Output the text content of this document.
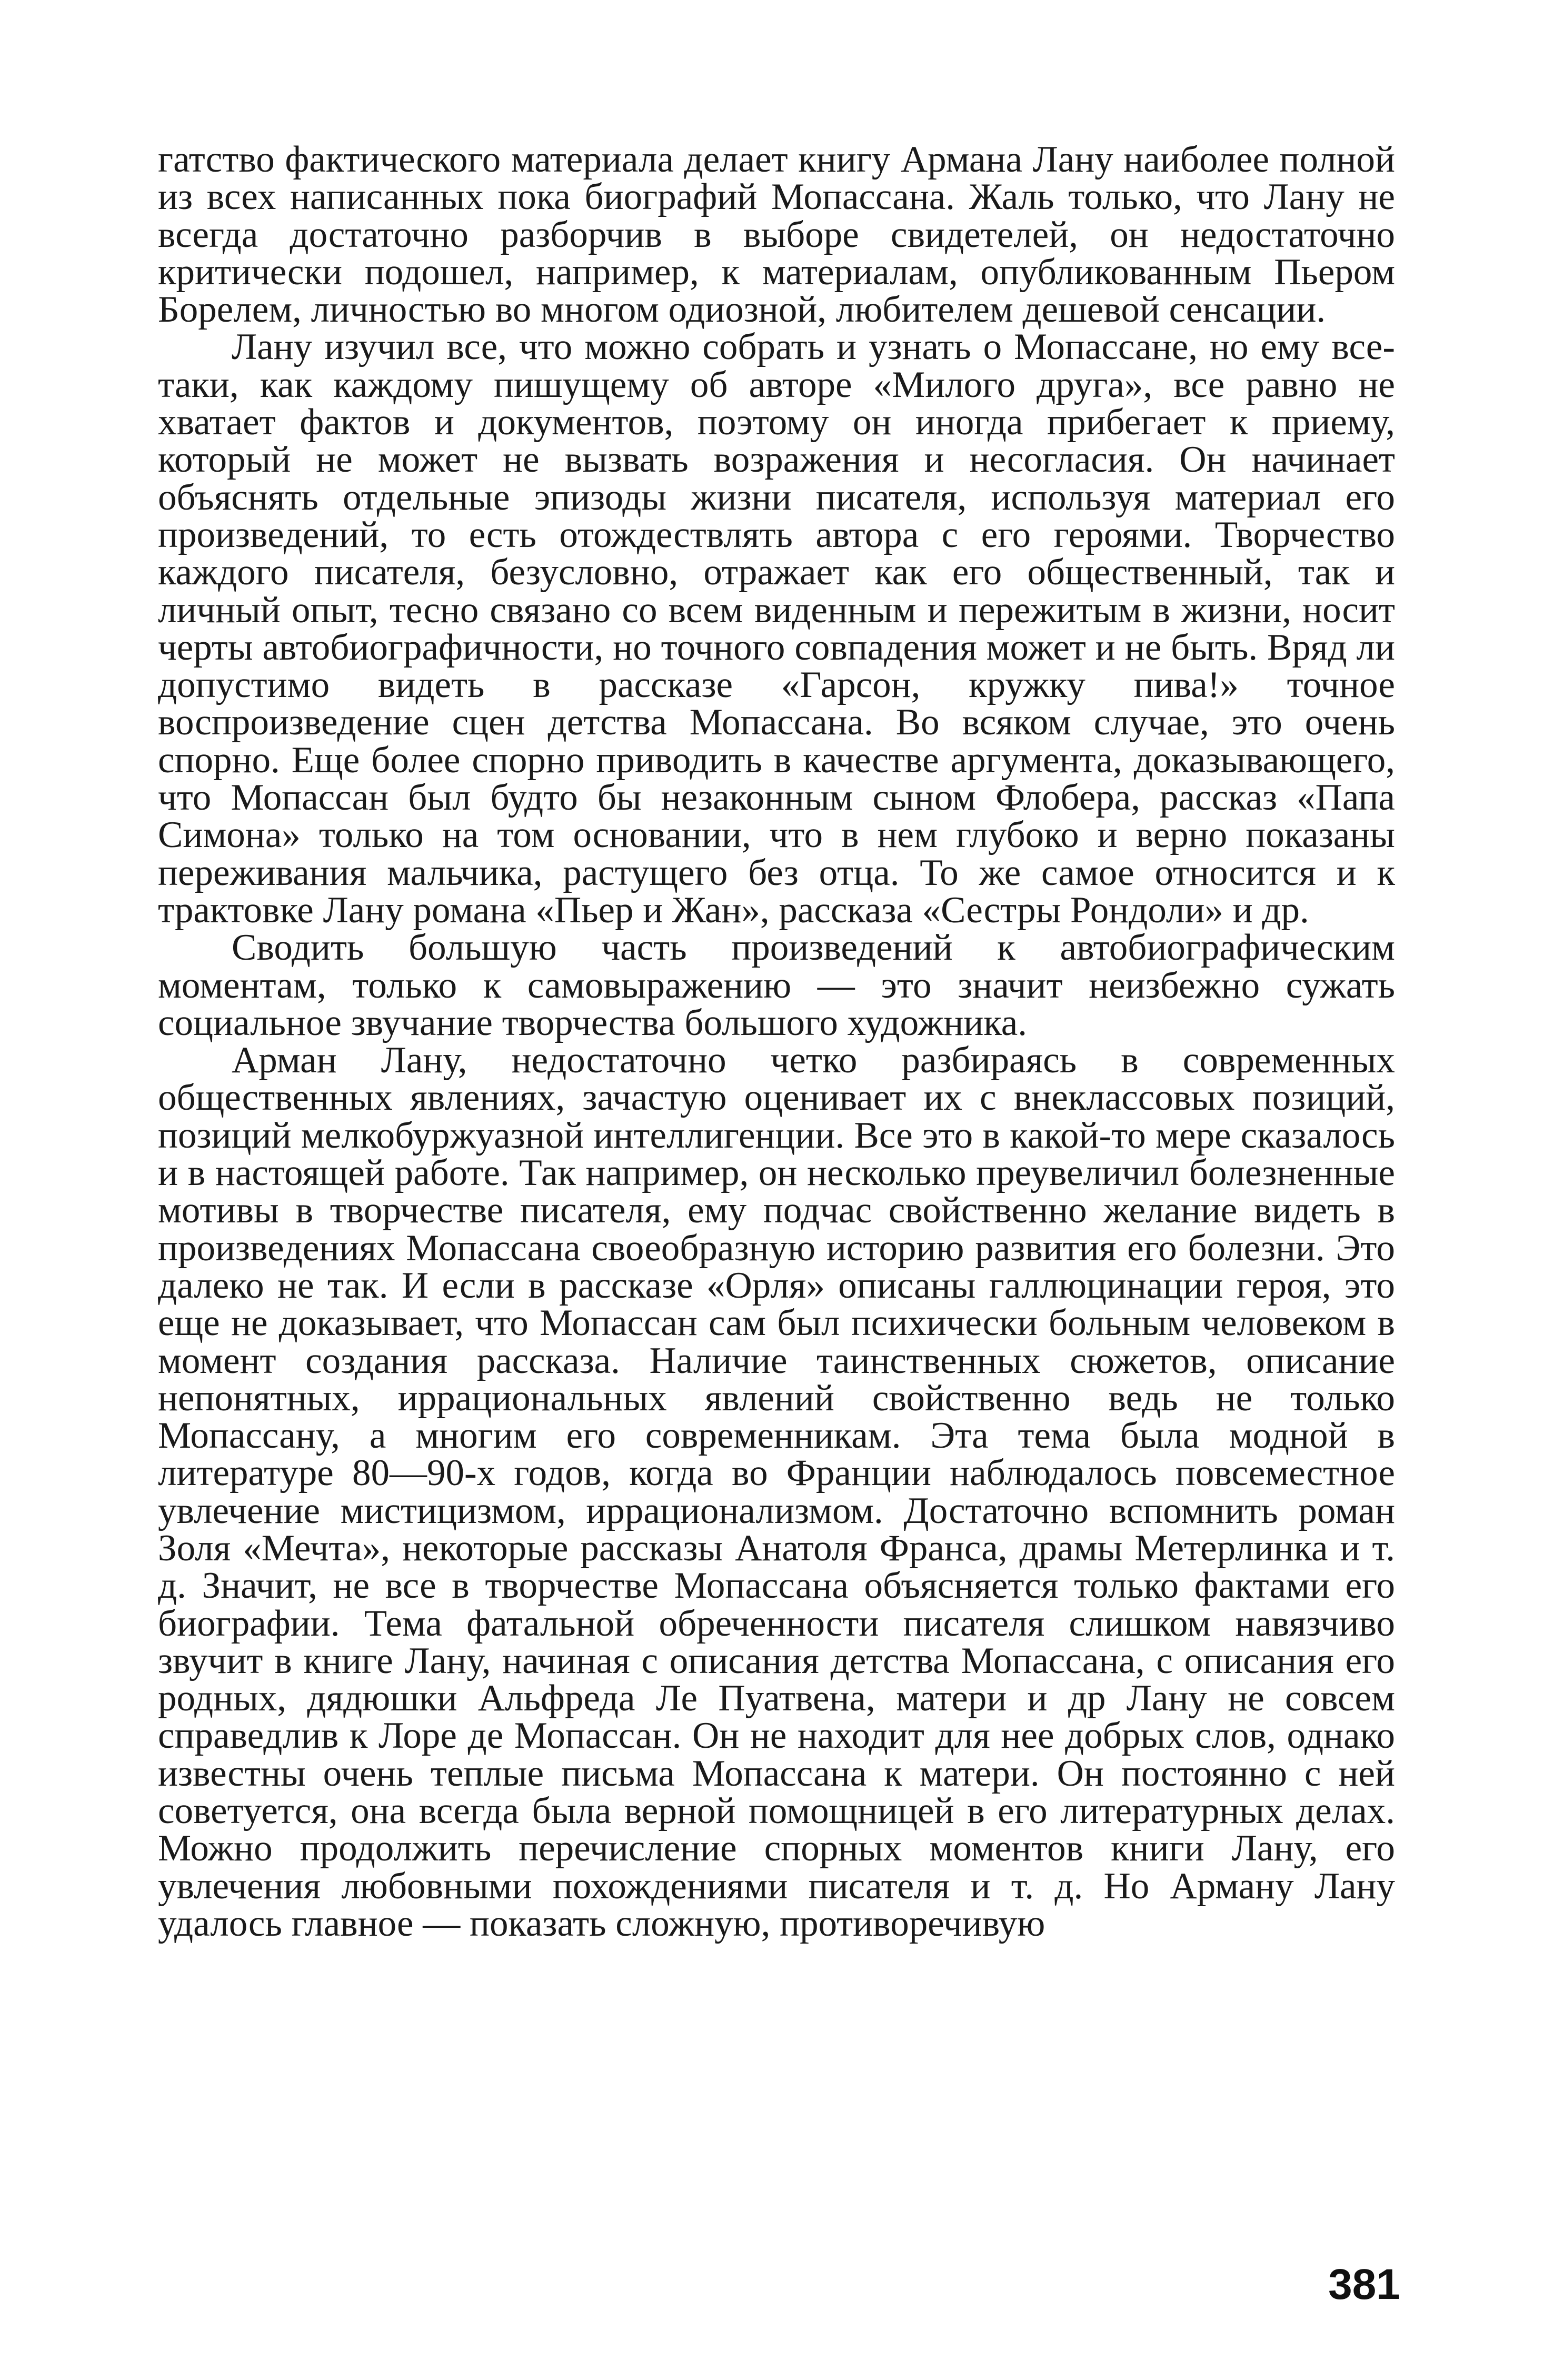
гатство фактического материала делает книгу Армана Лану наиболее полной из всех написанных пока биографий Мопассана. Жаль только, что Лану не всегда достаточно разборчив в выборе свидетелей, он недостаточно критически подошел, например, к материалам, опубликованным Пьером Борелем, личностью во многом одиозной, любителем дешевой сенсации.

Лану изучил все, что можно собрать и узнать о Мопассане, но ему все-таки, как каждому пишущему об авторе «Милого друга», все равно не хватает фактов и документов, поэтому он иногда прибегает к приему, который не может не вызвать возражения и несогласия. Он начинает объяснять отдельные эпизоды жизни писателя, используя материал его произведений, то есть отождествлять автора с его героями. Творчество каждого писателя, безусловно, отражает как его общественный, так и личный опыт, тесно связано со всем виденным и пережитым в жизни, носит черты автобиографичности, но точного совпадения может и не быть. Вряд ли допустимо видеть в рассказе «Гарсон, кружку пива!» точное воспроизведение сцен детства Мопассана. Во всяком случае, это очень спорно. Еще более спорно приводить в качестве аргумента, доказывающего, что Мопассан был будто бы незаконным сыном Флобера, рассказ «Папа Симона» только на том основании, что в нем глубоко и верно показаны переживания мальчика, растущего без отца. То же самое относится и к трактовке Лану романа «Пьер и Жан», рассказа «Сестры Рондоли» и др.

Сводить большую часть произведений к автобиографическим моментам, только к самовыражению — это значит неизбежно сужать социальное звучание творчества большого художника.

Арман Лану, недостаточно четко разбираясь в современных общественных явлениях, зачастую оценивает их с внеклассовых позиций, позиций мелкобуржуазной интеллигенции. Все это в какой-то мере сказалось и в настоящей работе. Так например, он несколько преувеличил болезненные мотивы в творчестве писателя, ему подчас свойственно желание видеть в произведениях Мопассана своеобразную историю развития его болезни. Это далеко не так. И если в рассказе «Орля» описаны галлюцинации героя, это еще не доказывает, что Мопассан сам был психически больным человеком в момент создания рассказа. Наличие таинственных сюжетов, описание непонятных, иррациональных явлений свойственно ведь не только Мопассану, а многим его современникам. Эта тема была модной в литературе 80—90-х годов, когда во Франции наблюдалось повсеместное увлечение мистицизмом, иррационализмом. Достаточно вспомнить роман Золя «Мечта», некоторые рассказы Анатоля Франса, драмы Метерлинка и т. д. Значит, не все в творчестве Мопассана объясняется только фактами его биографии. Тема фатальной обреченности писателя слишком навязчиво звучит в книге Лану, начиная с описания детства Мопассана, с описания его родных, дядюшки Альфреда Ле Пуатвена, матери и др Лану не совсем справедлив к Лоре де Мопассан. Он не находит для нее добрых слов, однако известны очень теплые письма Мопассана к матери. Он постоянно с ней советуется, она всегда была верной помощницей в его литературных делах. Можно продолжить перечисление спорных моментов книги Лану, его увлечения любовными похождениями писателя и т. д. Но Арману Лану удалось главное — показать сложную, противоречивую

381
